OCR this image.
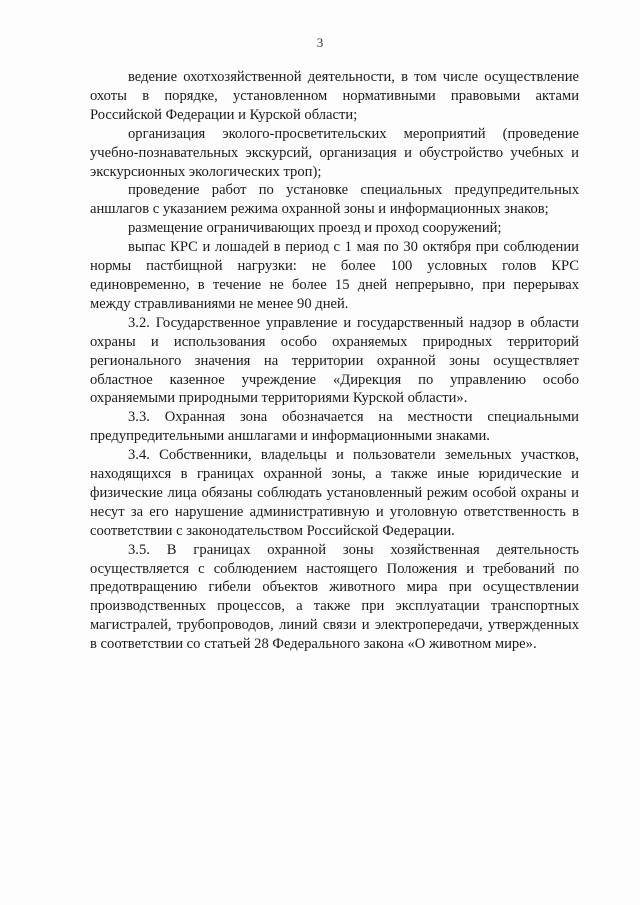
3

ведение охотхозяйственной деятельности, в том числе осуществление охоты в порядке, установленном нормативными правовыми актами Российской Федерации и Курской области;

организация эколого-просветительских мероприятий (проведение учебно-познавательных экскурсий, организация и обустройство учебных и экскурсионных экологических троп);

проведение работ по установке специальных предупредительных аншлагов с указанием режима охранной зоны и информационных знаков;

размещение ограничивающих проезд и проход сооружений;

выпас КРС и лошадей в период с 1 мая по 30 октября при соблюдении нормы пастбищной нагрузки: не более 100 условных голов КРС единовременно, в течение не более 15 дней непрерывно, при перерывах между стравливаниями не менее 90 дней.

3.2. Государственное управление и государственный надзор в области охраны и использования особо охраняемых природных территорий регионального значения на территории охранной зоны осуществляет областное казенное учреждение «Дирекция по управлению особо охраняемыми природными территориями Курской области».

3.3. Охранная зона обозначается на местности специальными предупредительными аншлагами и информационными знаками.

3.4. Собственники, владельцы и пользователи земельных участков, находящихся в границах охранной зоны, а также иные юридические и физические лица обязаны соблюдать установленный режим особой охраны и несут за его нарушение административную и уголовную ответственность в соответствии с законодательством Российской Федерации.

3.5. В границах охранной зоны хозяйственная деятельность осуществляется с соблюдением настоящего Положения и требований по предотвращению гибели объектов животного мира при осуществлении производственных процессов, а также при эксплуатации транспортных магистралей, трубопроводов, линий связи и электропередачи, утвержденных в соответствии со статьей 28 Федерального закона «О животном мире».
